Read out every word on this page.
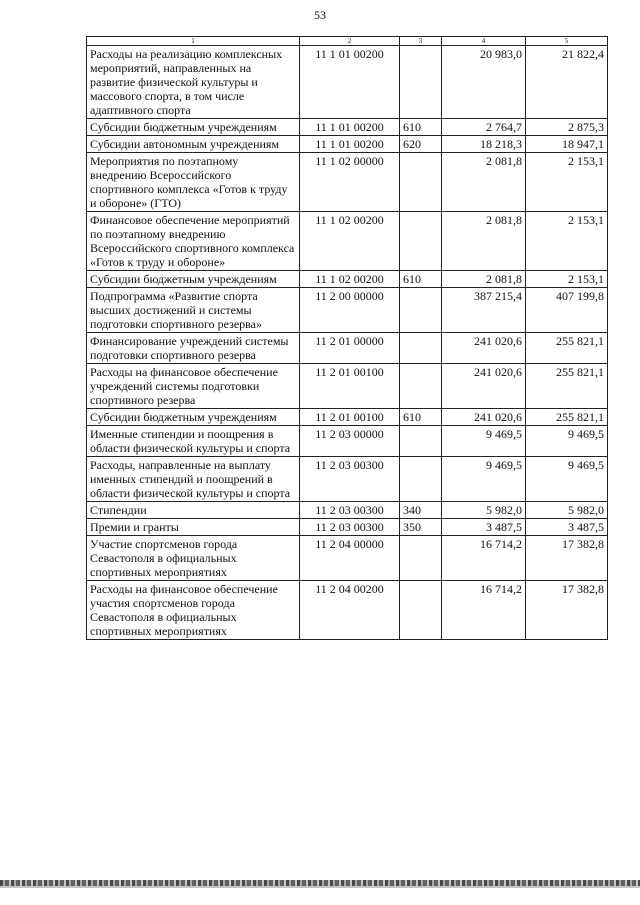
53
1	2	3	4	5
Расходы на реализацию комплексных мероприятий, направленных на развитие физической культуры и массового спорта, в том числе адаптивного спорта	11 1 01 00200		20 983,0	21 822,4
Субсидии бюджетным учреждениям	11 1 01 00200	610	2 764,7	2 875,3
Субсидии автономным учреждениям	11 1 01 00200	620	18 218,3	18 947,1
Мероприятия по поэтапному внедрению Всероссийского спортивного комплекса «Готов к труду и обороне» (ГТО)	11 1 02 00000		2 081,8	2 153,1
Финансовое обеспечение мероприятий по поэтапному внедрению Всероссийского спортивного комплекса «Готов к труду и обороне»	11 1 02 00200		2 081,8	2 153,1
Субсидии бюджетным учреждениям	11 1 02 00200	610	2 081,8	2 153,1
Подпрограмма «Развитие спорта высших достижений и системы подготовки спортивного резерва»	11 2 00 00000		387 215,4	407 199,8
Финансирование учреждений системы подготовки спортивного резерва	11 2 01 00000		241 020,6	255 821,1
Расходы на финансовое обеспечение учреждений системы подготовки спортивного резерва	11 2 01 00100		241 020,6	255 821,1
Субсидии бюджетным учреждениям	11 2 01 00100	610	241 020,6	255 821,1
Именные стипендии и поощрения в области физической культуры и спорта	11 2 03 00000		9 469,5	9 469,5
Расходы, направленные на выплату именных стипендий и поощрений в области физической культуры и спорта	11 2 03 00300		9 469,5	9 469,5
Стипендии	11 2 03 00300	340	5 982,0	5 982,0
Премии и гранты	11 2 03 00300	350	3 487,5	3 487,5
Участие спортсменов города Севастополя в официальных спортивных мероприятиях	11 2 04 00000		16 714,2	17 382,8
Расходы на финансовое обеспечение участия спортсменов города Севастополя в официальных спортивных мероприятиях	11 2 04 00200		16 714,2	17 382,8
